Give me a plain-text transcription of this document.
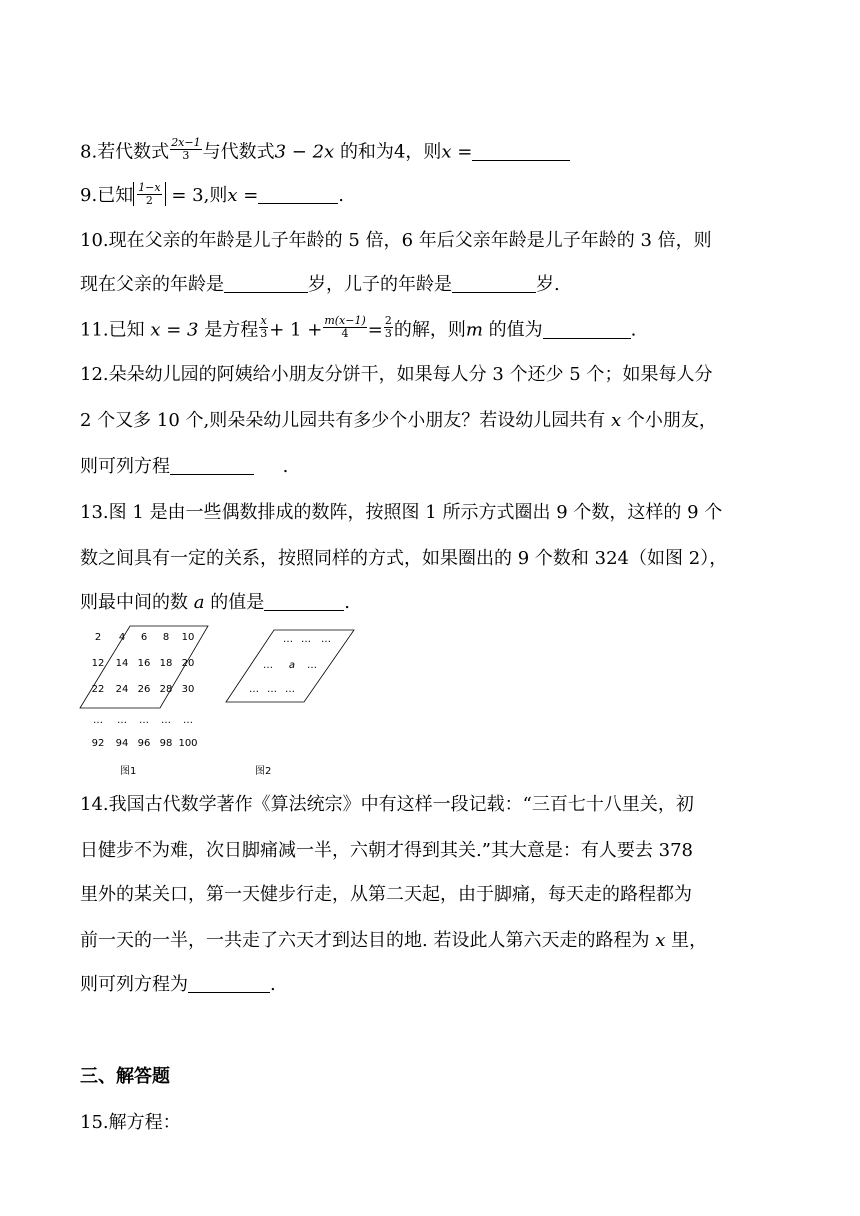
8.若代数式 $\frac{2x-1}{3}$ 与代数式3 − 2x 的和为4，则x =
9.已知 $\frac{1-x}{2} = 3$,则x =	.
10.现在父亲的年龄是儿子年龄的 5 倍，6 年后父亲年龄是儿子年龄的 3 倍，则
现在父亲的年龄是	岁，儿子的年龄是	岁.
11.已知 x = 3 是方程 $\frac{x}{3} + 1 + \frac{m(x-1)}{4} = \frac{2}{3}$ 的解，则m 的值为	.
12.朵朵幼儿园的阿姨给小朋友分饼干，如果每人分 3 个还少 5 个；如果每人分
2 个又多 10 个,则朵朵幼儿园共有多少个小朋友？若设幼儿园共有 x 个小朋友，
则可列方程	.
13.图 1 是由一些偶数排成的数阵，按照图 1 所示方式圈出 9 个数，这样的 9 个
数之间具有一定的关系，按照同样的方式，如果圈出的 9 个数和 324（如图 2），
则最中间的数 a 的值是	.
2 4 6 8 10
12 14 16 18 20
22 24 26 28 30
… … … … …
92 94 96 98 100
图1
… … …
… a …
… … …
图2
14.我国古代数学著作《算法统宗》中有这样一段记载：“三百七十八里关，初
日健步不为难，次日脚痛减一半，六朝才得到其关.”其大意是：有人要去 378
里外的某关口，第一天健步行走，从第二天起，由于脚痛，每天走的路程都为
前一天的一半，一共走了六天才到达目的地. 若设此人第六天走的路程为 x 里，
则可列方程为	.
三、解答题
15.解方程：
